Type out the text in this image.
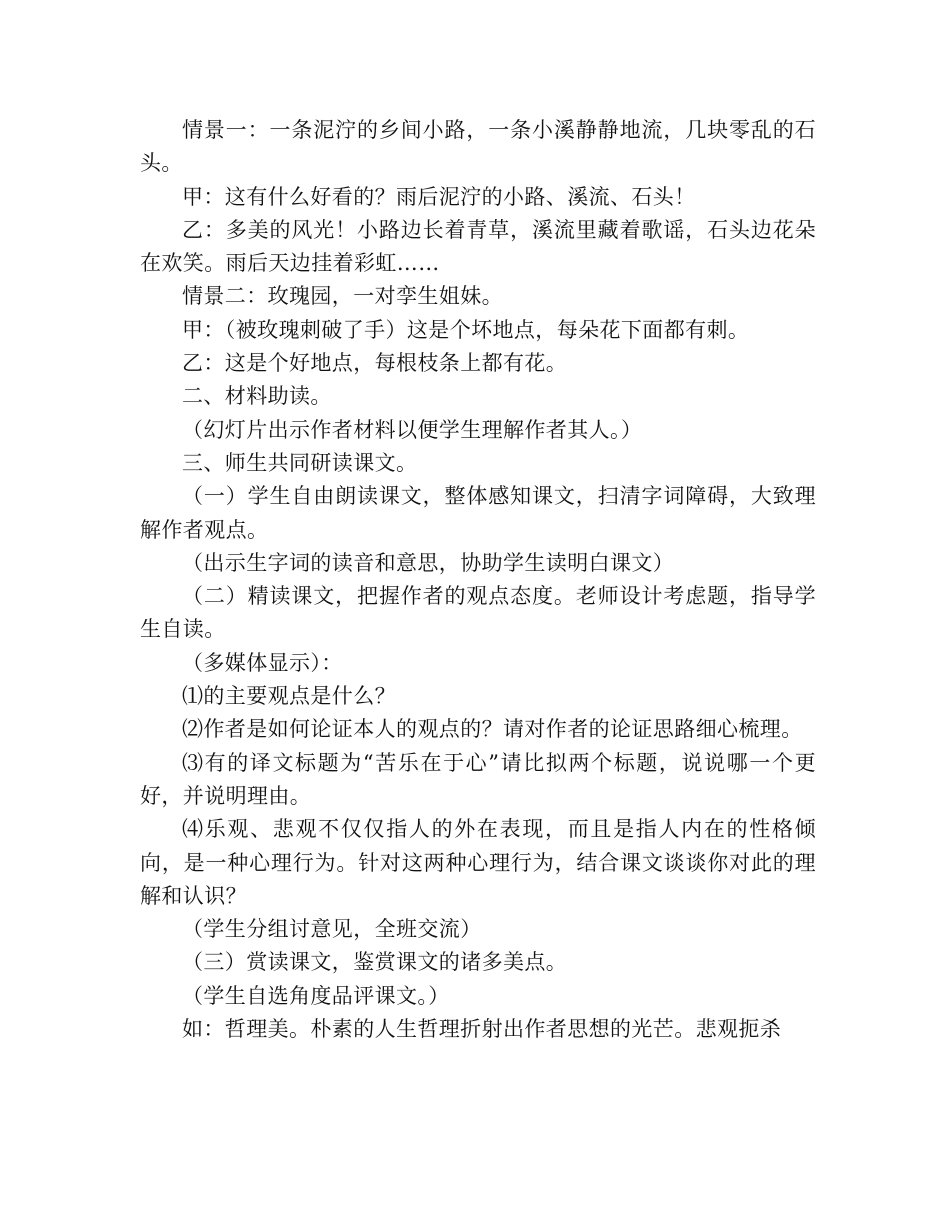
情景一：一条泥泞的乡间小路，一条小溪静静地流，几块零乱的石头。

甲：这有什么好看的？雨后泥泞的小路、溪流、石头！

乙：多美的风光！小路边长着青草，溪流里藏着歌谣，石头边花朵在欢笑。雨后天边挂着彩虹……

情景二：玫瑰园，一对孪生姐妹。

甲：（被玫瑰刺破了手）这是个坏地点，每朵花下面都有刺。

乙：这是个好地点，每根枝条上都有花。

二、材料助读。

（幻灯片出示作者材料以便学生理解作者其人。）

三、师生共同研读课文。

（一）学生自由朗读课文，整体感知课文，扫清字词障碍，大致理解作者观点。

（出示生字词的读音和意思，协助学生读明白课文）

（二）精读课文，把握作者的观点态度。老师设计考虑题，指导学生自读。

（多媒体显示）：

⑴的主要观点是什么？

⑵作者是如何论证本人的观点的？请对作者的论证思路细心梳理。

⑶有的译文标题为“苦乐在于心”请比拟两个标题，说说哪一个更好，并说明理由。

⑷乐观、悲观不仅仅指人的外在表现，而且是指人内在的性格倾向，是一种心理行为。针对这两种心理行为，结合课文谈谈你对此的理解和认识？

（学生分组讨意见，全班交流）

（三）赏读课文，鉴赏课文的诸多美点。

（学生自选角度品评课文。）

如：哲理美。朴素的人生哲理折射出作者思想的光芒。悲观扼杀
